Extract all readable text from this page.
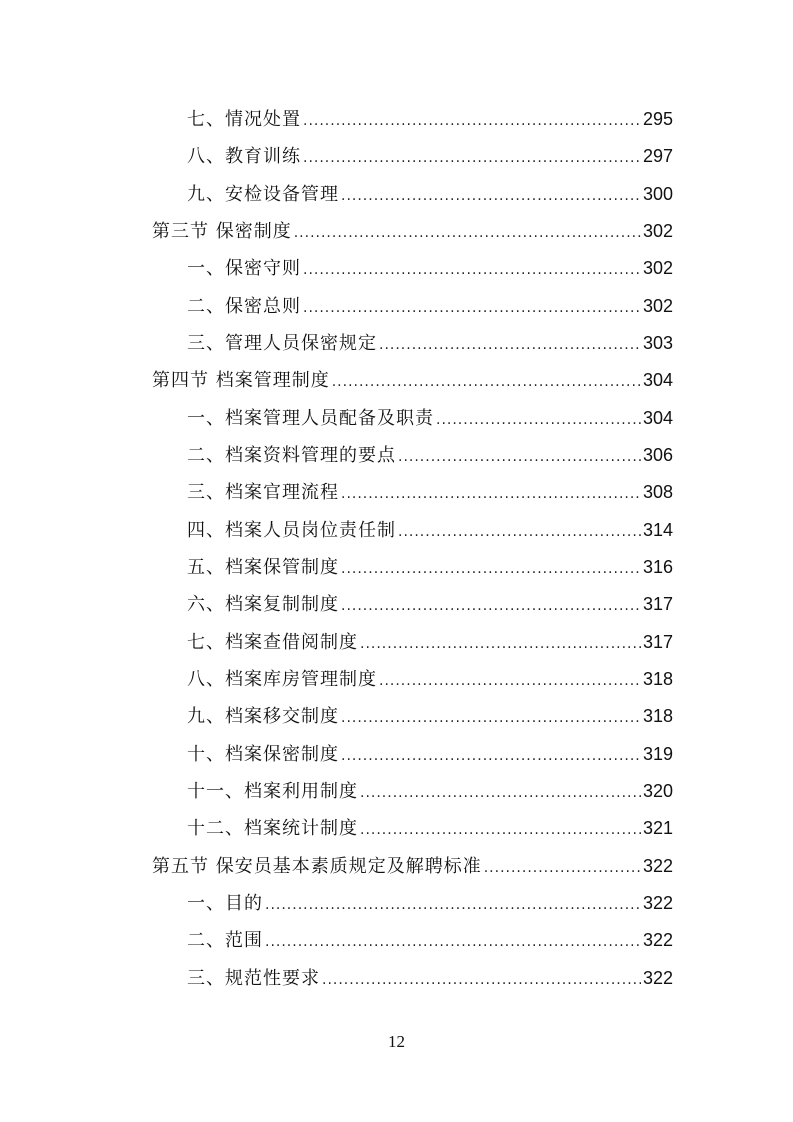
七、情况处置 .....	295
八、教育训练 .....	297
九、安检设备管理 .....	300
第三节 保密制度 .....	302
一、保密守则 .....	302
二、保密总则 .....	302
三、管理人员保密规定 .....	303
第四节 档案管理制度 .....	304
一、档案管理人员配备及职责 .....	304
二、档案资料管理的要点 .....	306
三、档案官理流程 .....	308
四、档案人员岗位责任制 .....	314
五、档案保管制度 .....	316
六、档案复制制度 .....	317
七、档案查借阅制度 .....	317
八、档案库房管理制度 .....	318
九、档案移交制度 .....	318
十、档案保密制度 .....	319
十一、档案利用制度 .....	320
十二、档案统计制度 .....	321
第五节 保安员基本素质规定及解聘标准 .....	322
一、目的 .....	322
二、范围 .....	322
三、规范性要求 .....	322
12
